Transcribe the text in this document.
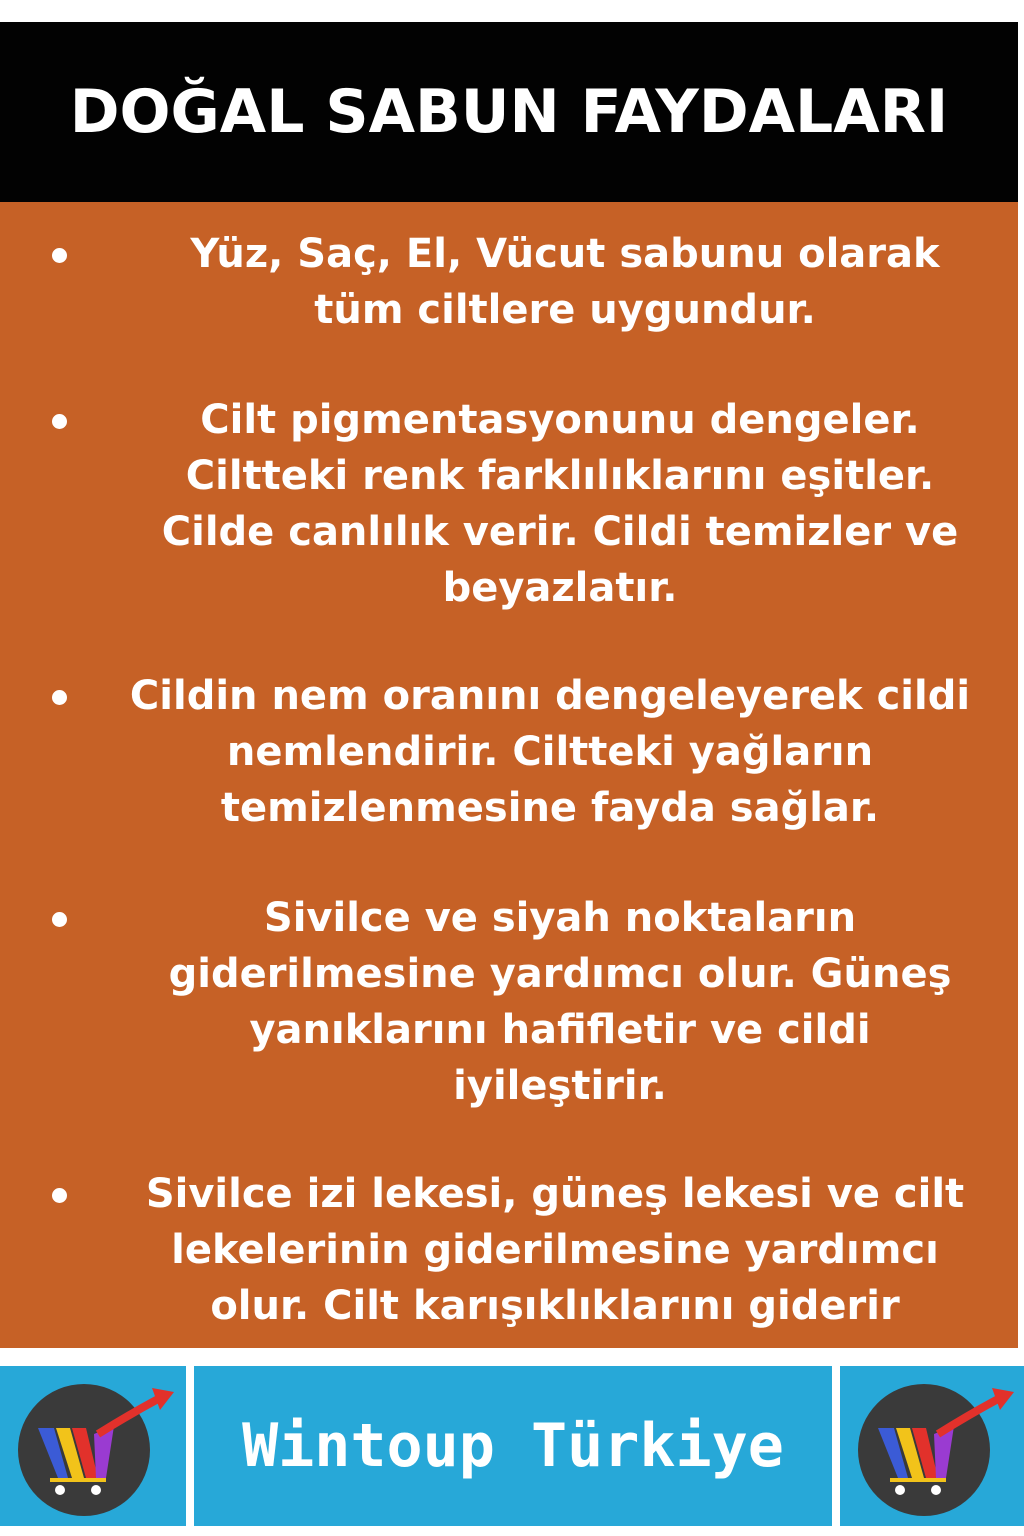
DOĞAL SABUN FAYDALARI
Yüz, Saç, El, Vücut sabunu olarak
tüm ciltlere uygundur.
Cilt pigmentasyonunu dengeler.
Ciltteki renk farklılıklarını eşitler.
Cilde canlılık verir. Cildi temizler ve
beyazlatır.
Cildin nem oranını dengeleyerek cildi
nemlendirir. Ciltteki yağların
temizlenmesine fayda sağlar.
Sivilce ve siyah noktaların
giderilmesine yardımcı olur. Güneş
yanıklarını hafifletir ve cildi
iyileştirir.
Sivilce izi lekesi, güneş lekesi ve cilt
lekelerinin giderilmesine yardımcı
olur. Cilt karışıklıklarını giderir
Wintoup Türkiye
